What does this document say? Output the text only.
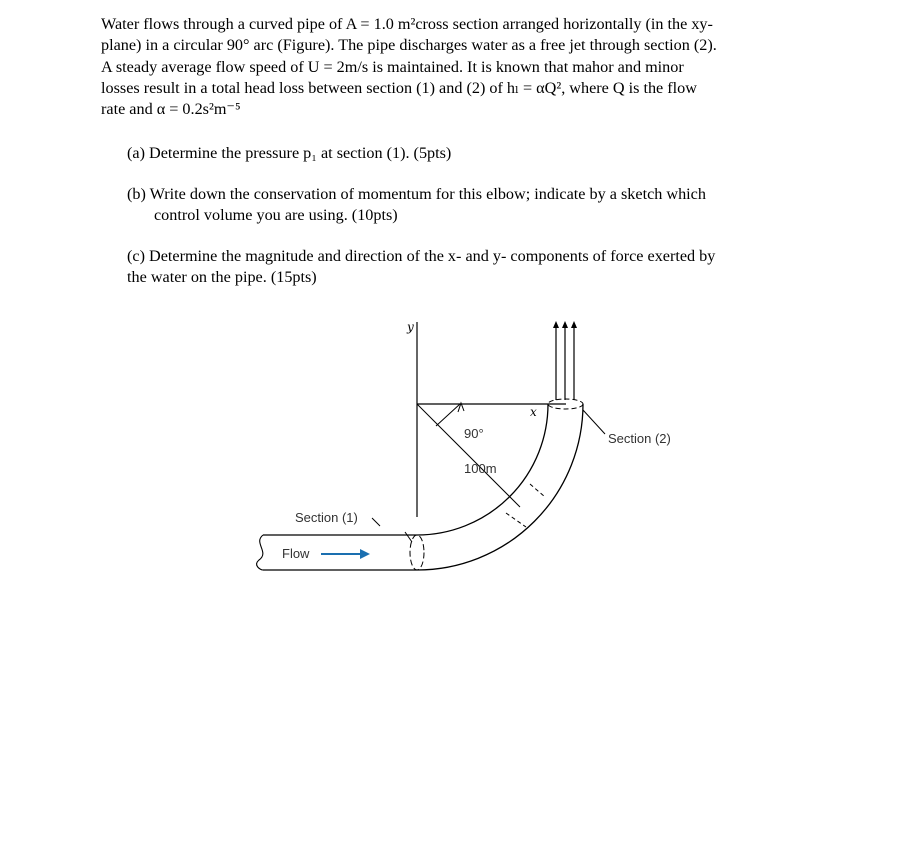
Water flows through a curved pipe of A = 1.0 m²cross section arranged horizontally (in the xy-
plane) in a circular 90° arc (Figure). The pipe discharges water as a free jet through section (2).
A steady average flow speed of U = 2m/s is maintained. It is known that mahor and minor
losses result in a total head loss between section (1) and (2) of hₗ = αQ², where Q is the flow
rate and α = 0.2s²m⁻⁵
(a) Determine the pressure p₁ at section (1). (5pts)
(b) Write down the conservation of momentum for this elbow; indicate by a sketch which
control volume you are using. (10pts)
(c) Determine the magnitude and direction of the x- and y- components of force exerted by
the water on the pipe. (15pts)
y
x
90°
100m
Section (1)
Section (2)
Flow
